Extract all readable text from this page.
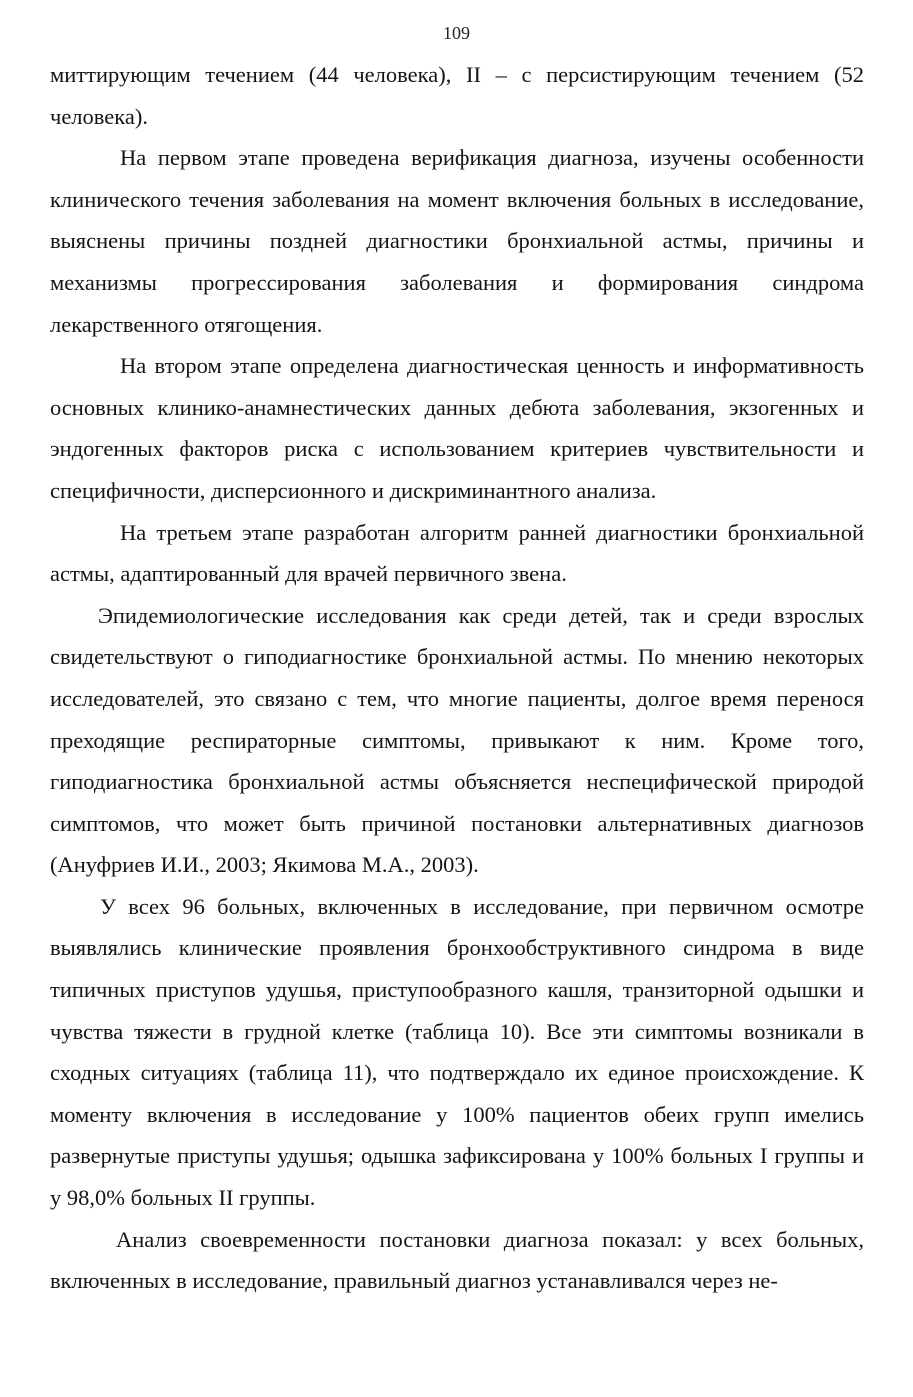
109

миттирующим течением (44 человека), II – с персистирующим течением (52 человека).

На первом этапе проведена верификация диагноза, изучены особенности клинического течения заболевания на момент включения больных в исследование, выяснены причины поздней диагностики бронхиальной астмы, причины и механизмы прогрессирования заболевания и формирования синдрома лекарственного отягощения.

На втором этапе определена диагностическая ценность и информативность основных клинико-анамнестических данных дебюта заболевания, экзогенных и эндогенных факторов риска с использованием критериев чувствительности и специфичности, дисперсионного и дискриминантного анализа.

На третьем этапе разработан алгоритм ранней диагностики бронхиальной астмы, адаптированный для врачей первичного звена.

Эпидемиологические исследования как среди детей, так и среди взрослых свидетельствуют о гиподиагностике бронхиальной астмы. По мнению некоторых исследователей, это связано с тем, что многие пациенты, долгое время перенося преходящие респираторные симптомы, привыкают к ним. Кроме того, гиподиагностика бронхиальной астмы объясняется неспецифической природой симптомов, что может быть причиной постановки альтернативных диагнозов (Ануфриев И.И., 2003; Якимова М.А., 2003).

У всех 96 больных, включенных в исследование, при первичном осмотре выявлялись клинические проявления бронхообструктивного синдрома в виде типичных приступов удушья, приступообразного кашля, транзиторной одышки и чувства тяжести в грудной клетке (таблица 10). Все эти симптомы возникали в сходных ситуациях (таблица 11), что подтверждало их единое происхождение. К моменту включения в исследование у 100% пациентов обеих групп имелись развернутые приступы удушья; одышка зафиксирована у 100% больных I группы и у 98,0% больных II группы.

Анализ своевременности постановки диагноза показал: у всех больных, включенных в исследование, правильный диагноз устанавливался через не-
